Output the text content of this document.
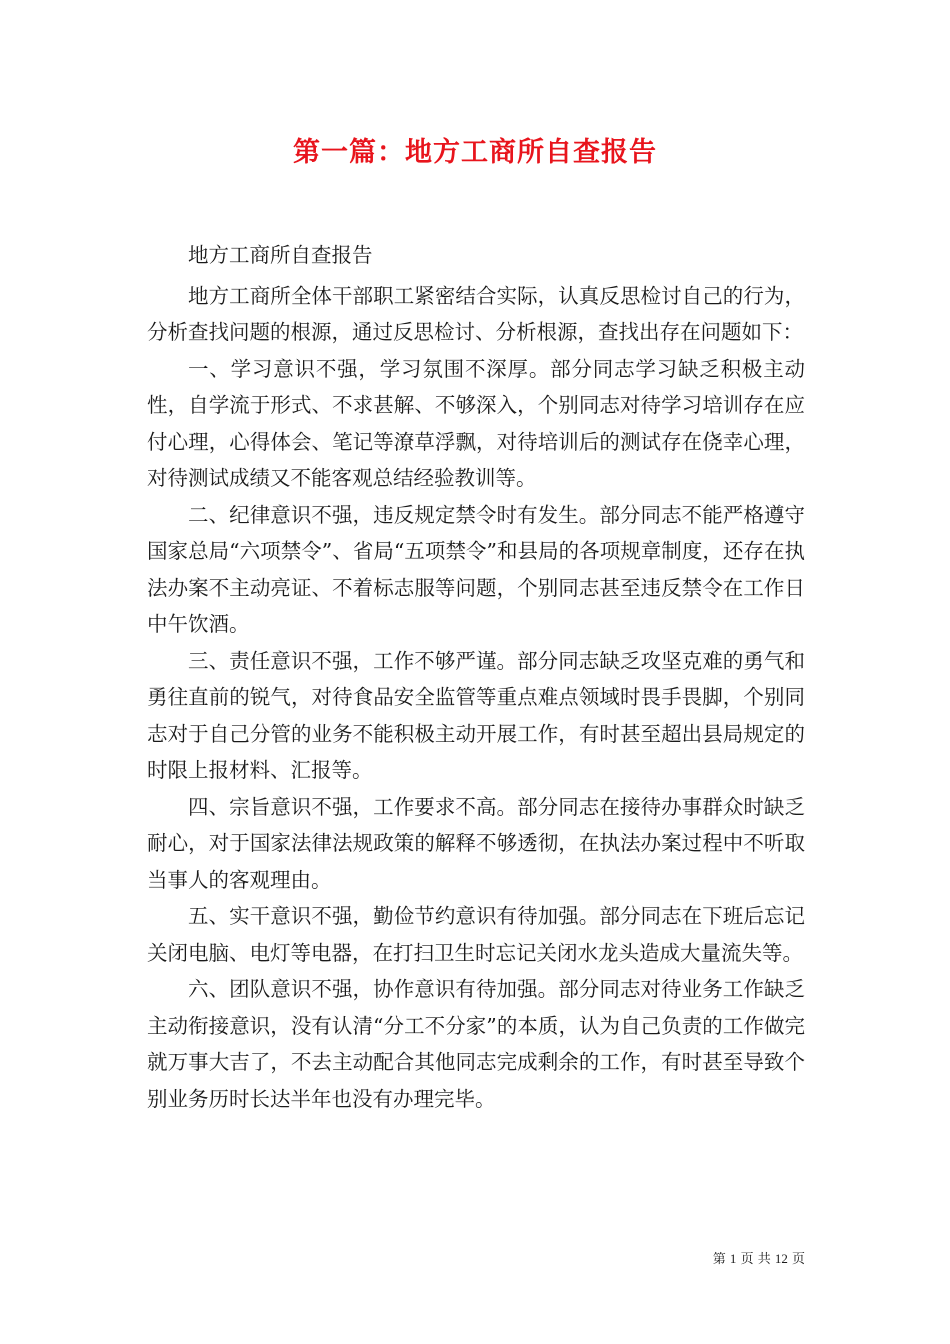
第一篇：地方工商所自查报告

地方工商所自查报告

地方工商所全体干部职工紧密结合实际，认真反思检讨自己的行为，分析查找问题的根源，通过反思检讨、分析根源，查找出存在问题如下：

一、学习意识不强，学习氛围不深厚。部分同志学习缺乏积极主动性，自学流于形式、不求甚解、不够深入，个别同志对待学习培训存在应付心理，心得体会、笔记等潦草浮飘，对待培训后的测试存在侥幸心理，对待测试成绩又不能客观总结经验教训等。

二、纪律意识不强，违反规定禁令时有发生。部分同志不能严格遵守国家总局“六项禁令”、省局“五项禁令”和县局的各项规章制度，还存在执法办案不主动亮证、不着标志服等问题，个别同志甚至违反禁令在工作日中午饮酒。

三、责任意识不强，工作不够严谨。部分同志缺乏攻坚克难的勇气和勇往直前的锐气，对待食品安全监管等重点难点领域时畏手畏脚，个别同志对于自己分管的业务不能积极主动开展工作，有时甚至超出县局规定的时限上报材料、汇报等。

四、宗旨意识不强，工作要求不高。部分同志在接待办事群众时缺乏耐心，对于国家法律法规政策的解释不够透彻，在执法办案过程中不听取当事人的客观理由。

五、实干意识不强，勤俭节约意识有待加强。部分同志在下班后忘记关闭电脑、电灯等电器，在打扫卫生时忘记关闭水龙头造成大量流失等。

六、团队意识不强，协作意识有待加强。部分同志对待业务工作缺乏主动衔接意识，没有认清“分工不分家”的本质，认为自己负责的工作做完就万事大吉了，不去主动配合其他同志完成剩余的工作，有时甚至导致个别业务历时长达半年也没有办理完毕。

第 1 页 共 12 页
